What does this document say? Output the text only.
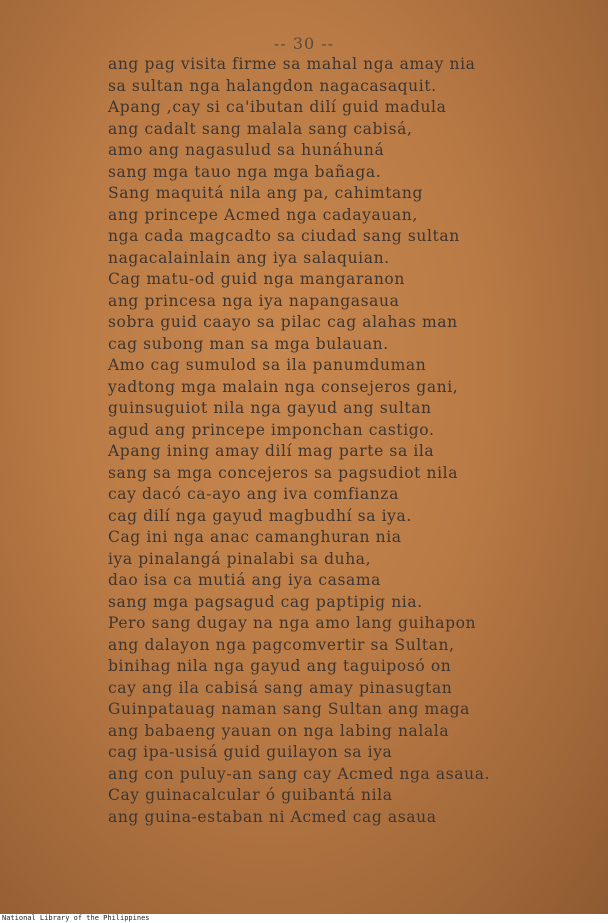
-- 30 --
ang pag visita firme sa mahal nga amay nia
sa sultan nga halangdon nagacasaquit.
Apang ,cay si ca'ibutan dilí guid madula
ang cadalt sang malala sang cabisá,
amo ang nagasulud sa hunáhuná
sang mga tauo nga mga bañaga.
Sang maquitá nila ang pa, cahimtang
ang princepe Acmed nga cadayauan,
nga cada magcadto sa ciudad sang sultan
nagacalainlain ang iya salaquian.
Cag matu-od guid nga mangaranon
ang princesa nga iya napangasaua
sobra guid caayo sa pilac cag alahas man
cag subong man sa mga bulauan.
Amo cag sumulod sa ila panumduman
yadtong mga malain nga consejeros gani,
guinsuguiot nila nga gayud ang sultan
agud ang princepe imponchan castigo.
Apang ining amay dilí mag parte sa ila
sang sa mga concejeros sa pagsudiot nila
cay dacó ca-ayo ang iva comfianza
cag dilí nga gayud magbudhí sa iya.
Cag ini nga anac camanghuran nia
iya pinalangá pinalabi sa duha,
dao isa ca mutiá ang iya casama
sang mga pagsagud cag paptipig nia.
Pero sang dugay na nga amo lang guihapon
ang dalayon nga pagcomvertir sa Sultan,
binihag nila nga gayud ang taguiposó on
cay ang ila cabisá sang amay pinasugtan
Guinpatauag naman sang Sultan ang maga
ang babaeng yauan on nga labing nalala
cag ipa-usisá guid guilayon sa iya
ang con puluy-an sang cay Acmed nga asaua.
Cay guinacalcular ó guibantá nila
ang guina-estaban ni Acmed cag asaua
National Library of the Philippines
